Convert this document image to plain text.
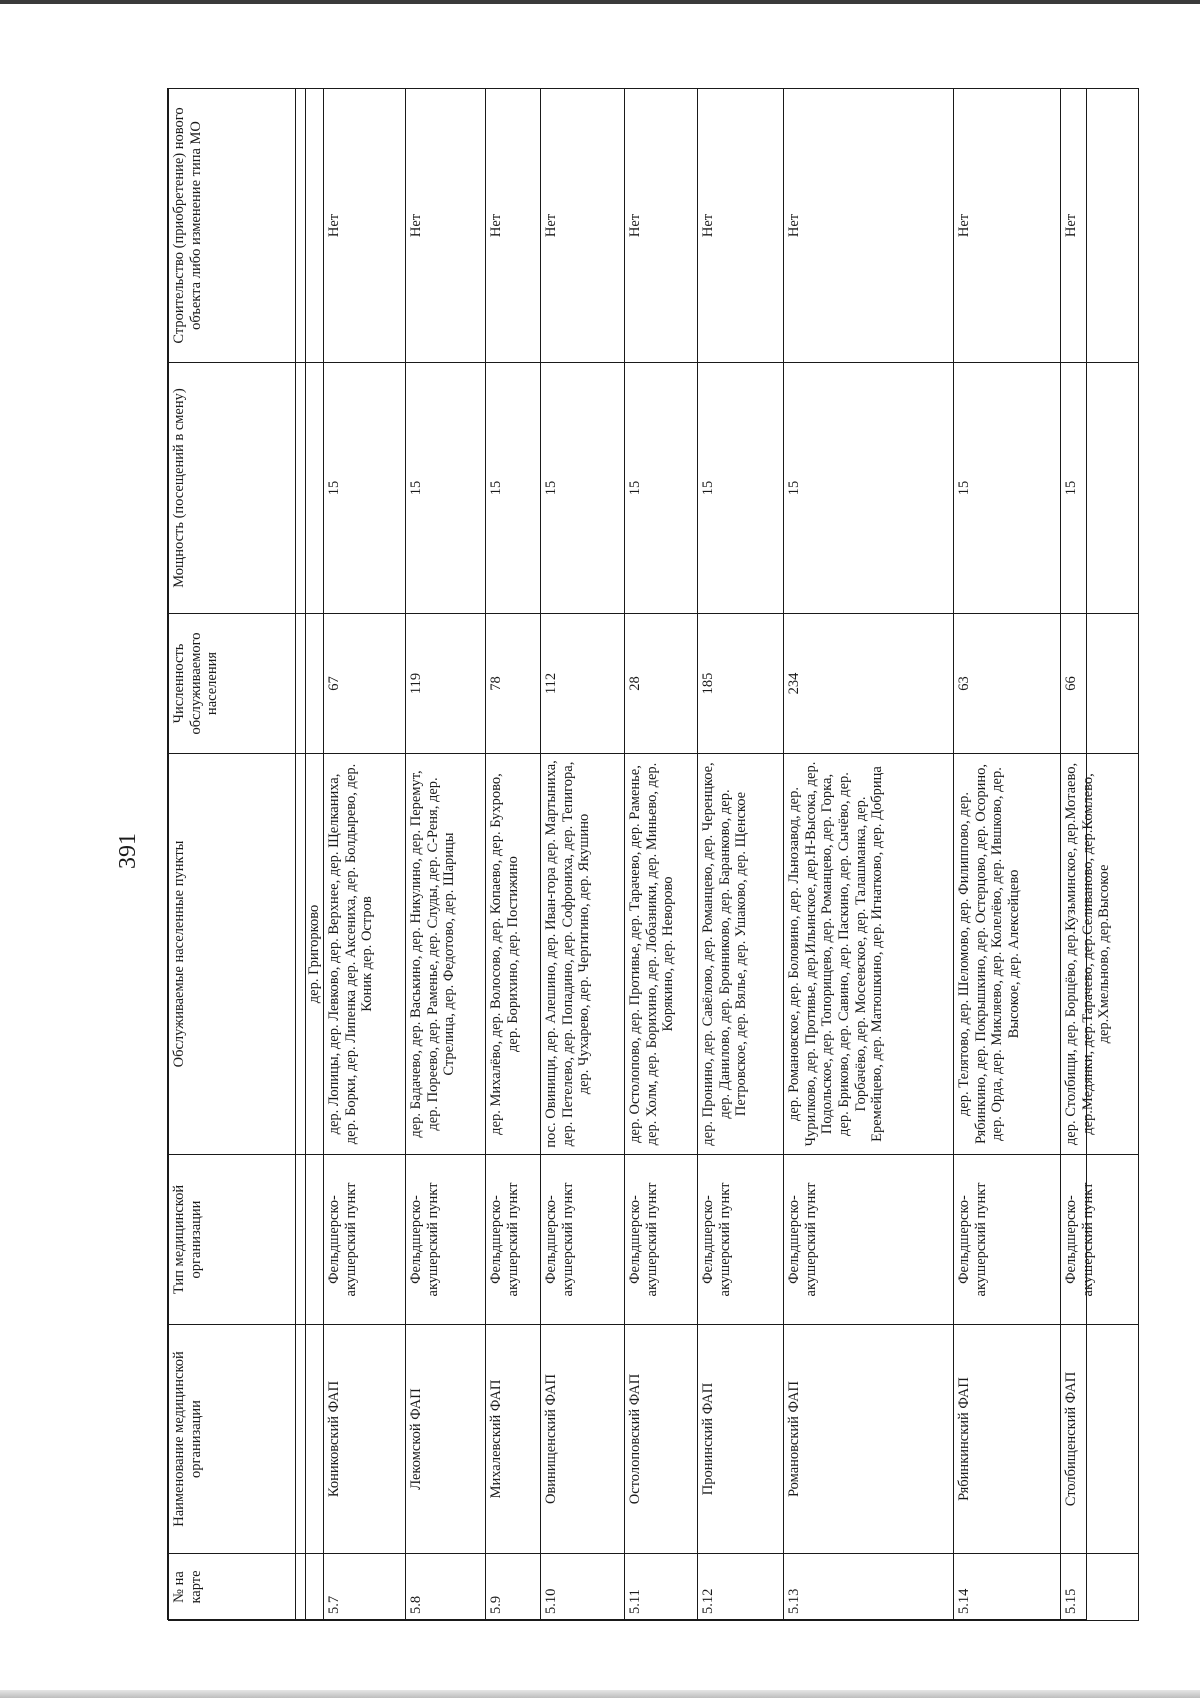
391
№ на карте	Наименование медицинской организации	Тип медицинской организации	Обслуживаемые населенные пункты	Численность обслуживаемого населения	Мощность (посещений в смену)	Строительство (приобретение) нового объекта либо изменение типа МО

			дер. Григорково			
5.7	Кониковский ФАП	Фельдшерско-акушерский пункт	дер. Лопицы, дер. Левково, дер. Верхнее, дер. Щелканиха, дер. Борки, дер. Липенка дер. Аксениха, дер. Болдырево, дер. Коник дер. Остров	67	15	Нет
5.8	Лекомской ФАП	Фельдшерско-акушерский пункт	дер. Бадачево, дер. Васькино, дер. Никулино, дер. Перемут, дер. Пореево, дер. Раменье, дер. Слуды, дер. С-Реня, дер. Стрелица, дер. Федотово, дер. Шарицы	119	15	Нет
5.9	Михалевский ФАП	Фельдшерско-акушерский пункт	дер. Михалёво, дер. Волосово, дер. Копаево, дер. Бухрово, дер. Борихино, дер. Постижино	78	15	Нет
5.10	Овинищенский ФАП	Фельдшерско-акушерский пункт	пос. Овинищи, дер. Алешино, дер. Иван-гора дер. Мартыниха, дер. Петелево, дер. Попадино, дер. Софрониха, дер. Тепигора, дер. Чухарево, дер. Чергигино, дер. Якушино	112	15	Нет
5.11	Остолоповский ФАП	Фельдшерско-акушерский пункт	дер. Остолопово, дер. Противье, дер. Тарачево, дер. Раменье, дер. Холм, дер. Борихино, дер. Лобазники, дер. Миньево, дер. Корякино, дер. Неворово	28	15	Нет
5.12	Пронинский ФАП	Фельдшерско-акушерский пункт	дер. Пронино, дер. Савёлово, дер. Романцево, дер. Черенцкое, дер. Даниловo, дер. Бронниково, дер. Баранково, дер. Петровское, дер. Вялье, дер. Ушаково, дер. Щенское	185	15	Нет
5.13	Романовский ФАП	Фельдшерско-акушерский пункт	дер. Романовское, дер. Боловино, дер. Льнозавод, дер. Чурилково, дер. Противье, дер.Ильинское, дер.Н-Высока, дер. Подольское, дер. Топорищево, дер. Романцево, дер. Горка, дер. Бриково, дер. Савино, дер. Паскино, дер. Сычёво, дер. Горбачёво, дер. Мосеевское, дер. Талашманка, дер. Еремейцево, дер. Матюшкино, дер. Игнатково, дер. Добрица	234	15	Нет
5.14	Рябинкинский ФАП	Фельдшерско-акушерский пункт	дер. Телятово, дер. Шеломово, дер. Филиппово, дер. Рябинкино, дер. Покрышкино, дер. Остерцово, дер. Осорино, дер. Орда, дер. Микляево, дер. Колелёво, дер. Ившково, дер. Высокое, дер. Алексейцево	63	15	Нет
5.15	Столбищенский ФАП	Фельдшерско-акушерский пункт	дер. Столбищи, дер. Борщёво, дер.Кузьминское, дер.Мотаево, дер.Медянки, дер.Тарачево, дер.Селиваново, дер.Комлево, дер.Хмельново, дер.Высокое	66	15	Нет
